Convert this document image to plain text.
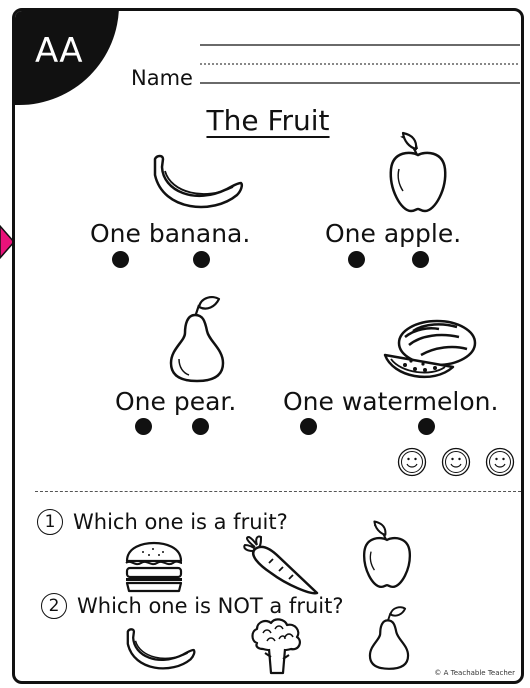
AA
Name
The Fruit
One banana.	One apple.
One pear. One watermelon.
1 Which one is a fruit?
2 Which one is NOT a fruit?
© A Teachable Teacher
